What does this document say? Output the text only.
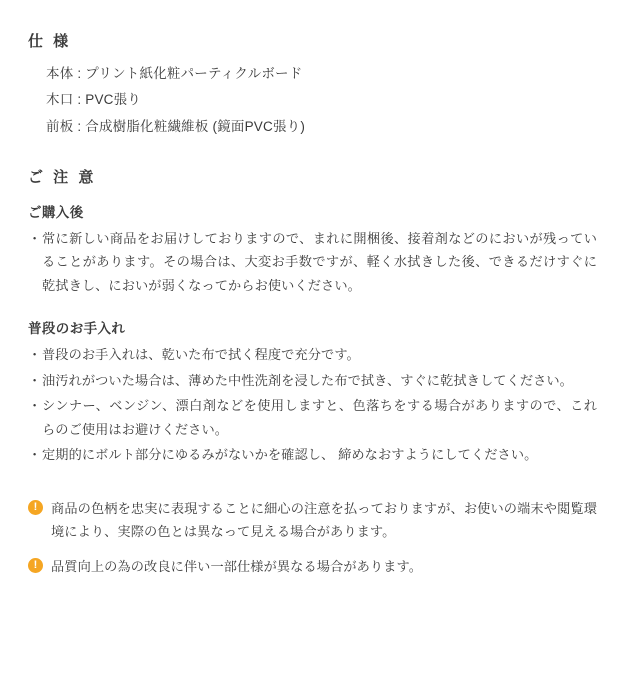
仕 様
本体 : プリント紙化粧パーティクルボード
木口 : PVC張り
前板 : 合成樹脂化粧繊維板 (鏡面PVC張り)
ご 注 意
ご購入後
・ 常に新しい商品をお届けしておりますので、まれに開梱後、接着剤などのにおいが残っていることがあります。その場合は、大変お手数ですが、軽く水拭きした後、できるだけすぐに乾拭きし、においが弱くなってからお使いください。
普段のお手入れ
・ 普段のお手入れは、乾いた布で拭く程度で充分です。
・ 油汚れがついた場合は、薄めた中性洗剤を浸した布で拭き、すぐに乾拭きしてください。
・ シンナー、ベンジン、漂白剤などを使用しますと、色落ちをする場合がありますので、これらのご使用はお避けください。
・ 定期的にボルト部分にゆるみがないかを確認し、 締めなおすようにしてください。
!	商品の色柄を忠実に表現することに細心の注意を払っておりますが、お使いの端末や閲覧環境により、実際の色とは異なって見える場合があります。
!	品質向上の為の改良に伴い一部仕様が異なる場合があります。
